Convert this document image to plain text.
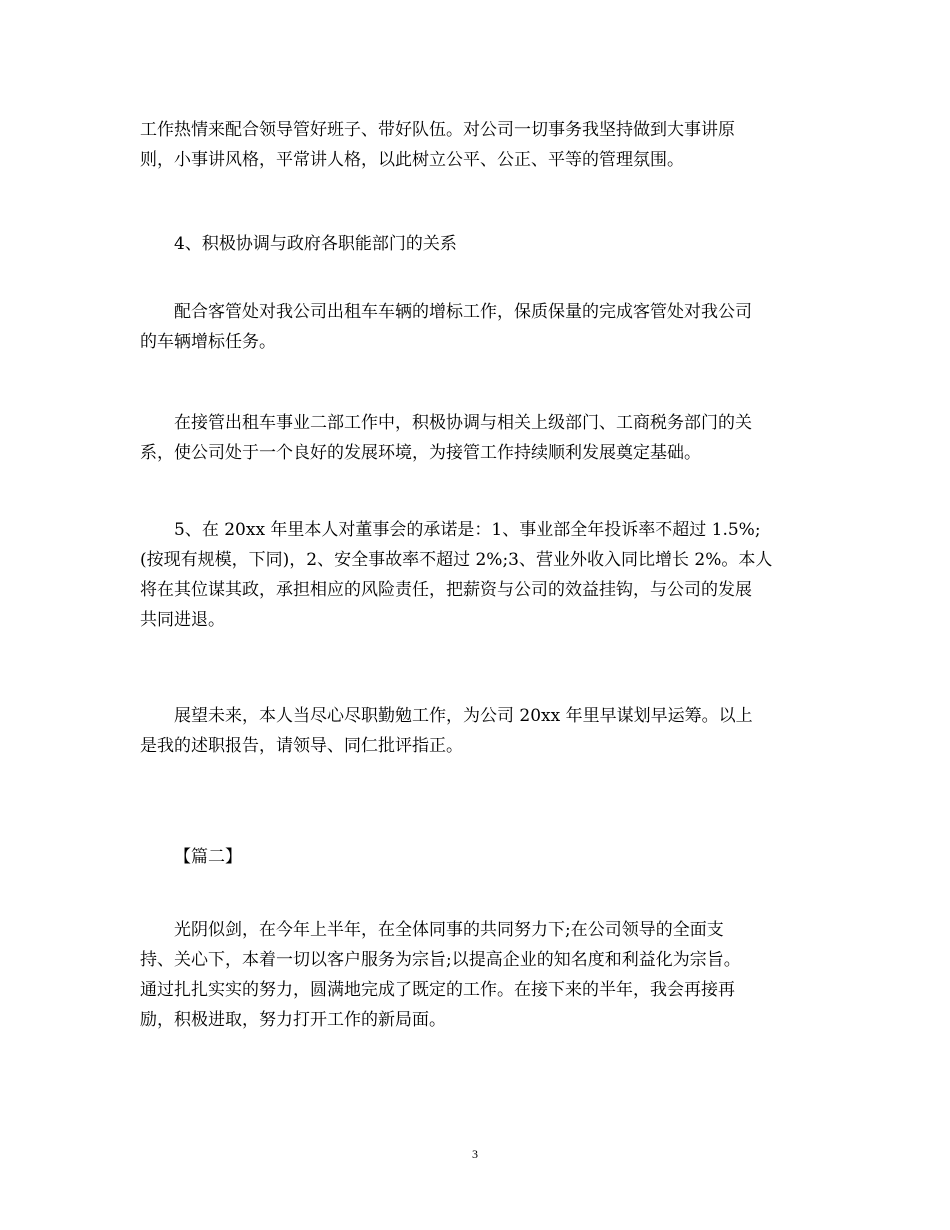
工作热情来配合领导管好班子、带好队伍。对公司一切事务我坚持做到大事讲原
则，小事讲风格，平常讲人格，以此树立公平、公正、平等的管理氛围。

4、积极协调与政府各职能部门的关系

配合客管处对我公司出租车车辆的增标工作，保质保量的完成客管处对我公司
的车辆增标任务。

在接管出租车事业二部工作中，积极协调与相关上级部门、工商税务部门的关
系，使公司处于一个良好的发展环境，为接管工作持续顺利发展奠定基础。

5、在 20xx 年里本人对董事会的承诺是：1、事业部全年投诉率不超过 1.5%;
(按现有规模，下同)，2、安全事故率不超过 2%;3、营业外收入同比增长 2%。本人
将在其位谋其政，承担相应的风险责任，把薪资与公司的效益挂钩，与公司的发展
共同进退。

展望未来，本人当尽心尽职勤勉工作，为公司 20xx 年里早谋划早运筹。以上
是我的述职报告，请领导、同仁批评指正。

【篇二】

光阴似剑，在今年上半年，在全体同事的共同努力下;在公司领导的全面支
持、关心下，本着一切以客户服务为宗旨;以提高企业的知名度和利益化为宗旨。
通过扎扎实实的努力，圆满地完成了既定的工作。在接下来的半年，我会再接再
励，积极进取，努力打开工作的新局面。

3
